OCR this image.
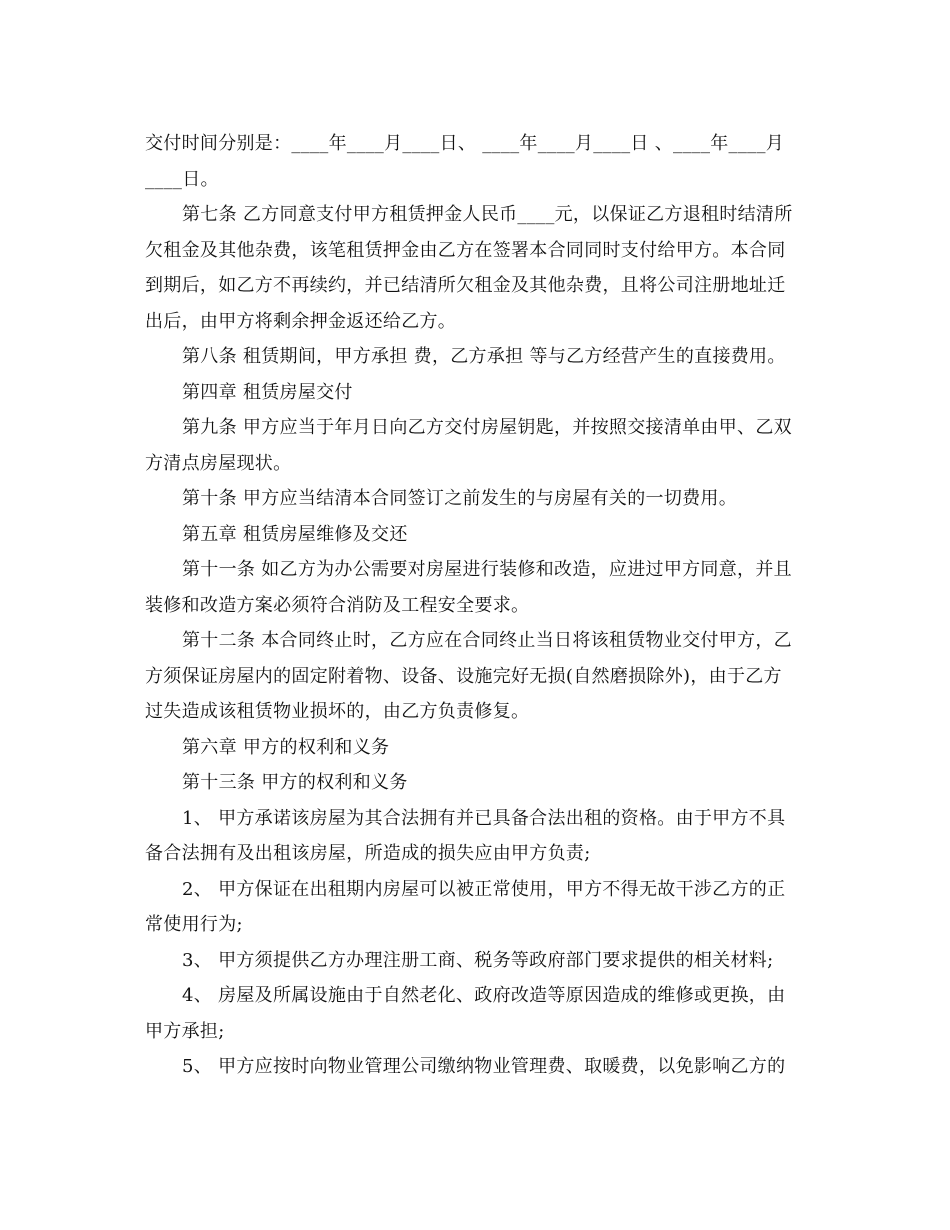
交付时间分别是：____年____月____日、 ____年____月____日 、____年____月

____日。

第七条 乙方同意支付甲方租赁押金人民币____元，以保证乙方退租时结清所

欠租金及其他杂费，该笔租赁押金由乙方在签署本合同同时支付给甲方。本合同

到期后，如乙方不再续约，并已结清所欠租金及其他杂费，且将公司注册地址迁

出后，由甲方将剩余押金返还给乙方。

第八条 租赁期间，甲方承担 费，乙方承担 等与乙方经营产生的直接费用。

第四章 租赁房屋交付

第九条 甲方应当于年月日向乙方交付房屋钥匙，并按照交接清单由甲、乙双

方清点房屋现状。

第十条 甲方应当结清本合同签订之前发生的与房屋有关的一切费用。

第五章 租赁房屋维修及交还

第十一条 如乙方为办公需要对房屋进行装修和改造，应进过甲方同意，并且

装修和改造方案必须符合消防及工程安全要求。

第十二条 本合同终止时，乙方应在合同终止当日将该租赁物业交付甲方，乙

方须保证房屋内的固定附着物、设备、设施完好无损(自然磨损除外)，由于乙方

过失造成该租赁物业损坏的，由乙方负责修复。

第六章 甲方的权利和义务

第十三条 甲方的权利和义务

1、 甲方承诺该房屋为其合法拥有并已具备合法出租的资格。由于甲方不具

备合法拥有及出租该房屋，所造成的损失应由甲方负责;

2、 甲方保证在出租期内房屋可以被正常使用，甲方不得无故干涉乙方的正

常使用行为;

3、 甲方须提供乙方办理注册工商、税务等政府部门要求提供的相关材料;

4、 房屋及所属设施由于自然老化、政府改造等原因造成的维修或更换，由

甲方承担;

5、 甲方应按时向物业管理公司缴纳物业管理费、取暖费，以免影响乙方的
